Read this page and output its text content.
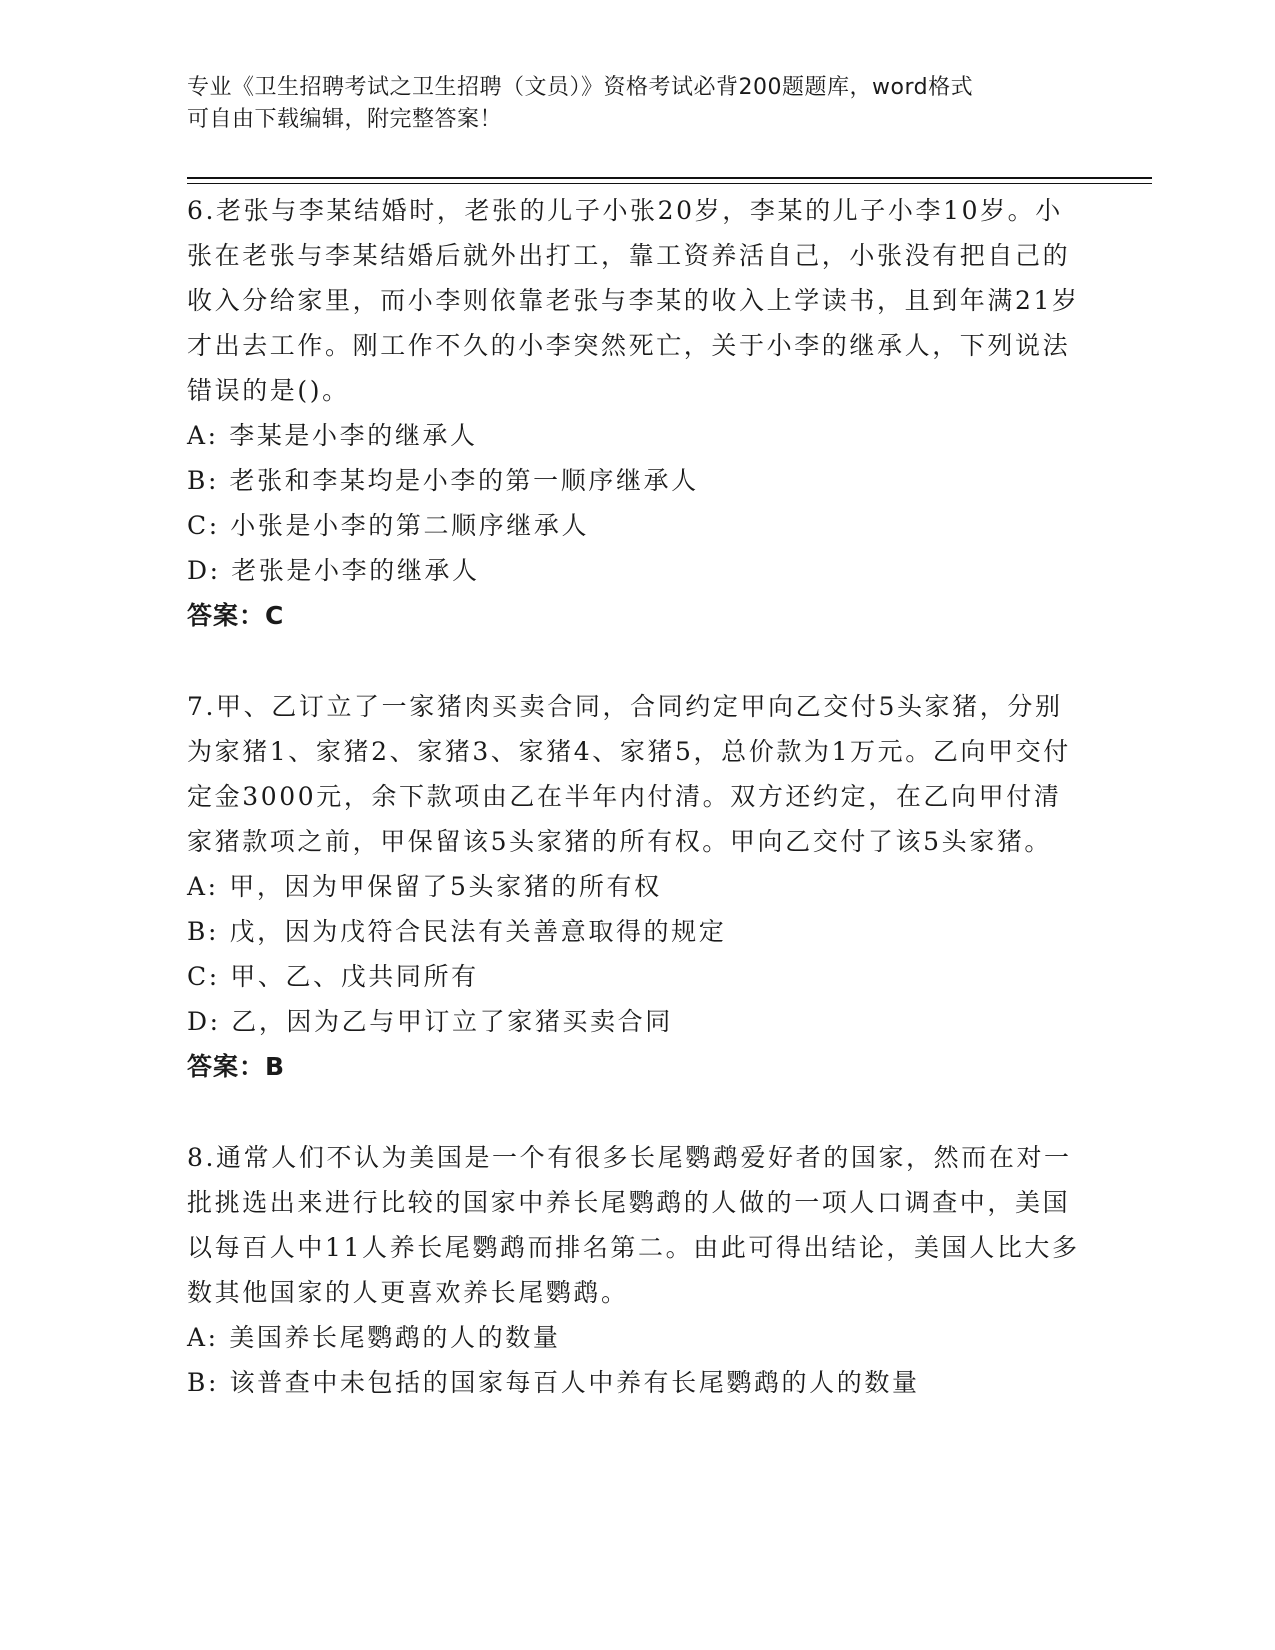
专业《卫生招聘考试之卫生招聘（文员）》资格考试必背200题题库，word格式
可自由下载编辑，附完整答案！

6.老张与李某结婚时，老张的儿子小张20岁，李某的儿子小李10岁。小张在老张与李某结婚后就外出打工，靠工资养活自己，小张没有把自己的收入分给家里，而小李则依靠老张与李某的收入上学读书，且到年满21岁才出去工作。刚工作不久的小李突然死亡，关于小李的继承人，下列说法错误的是()。

A: 李某是小李的继承人

B: 老张和李某均是小李的第一顺序继承人

C: 小张是小李的第二顺序继承人

D: 老张是小李的继承人

答案：C

7.甲、乙订立了一家猪肉买卖合同，合同约定甲向乙交付5头家猪，分别为家猪1、家猪2、家猪3、家猪4、家猪5，总价款为1万元。乙向甲交付定金3000元，余下款项由乙在半年内付清。双方还约定，在乙向甲付清家猪款项之前，甲保留该5头家猪的所有权。甲向乙交付了该5头家猪。

A: 甲，因为甲保留了5头家猪的所有权

B: 戊，因为戊符合民法有关善意取得的规定

C: 甲、乙、戊共同所有

D: 乙，因为乙与甲订立了家猪买卖合同

答案：B

8.通常人们不认为美国是一个有很多长尾鹦鹉爱好者的国家，然而在对一批挑选出来进行比较的国家中养长尾鹦鹉的人做的一项人口调查中，美国以每百人中11人养长尾鹦鹉而排名第二。由此可得出结论，美国人比大多数其他国家的人更喜欢养长尾鹦鹉。

A: 美国养长尾鹦鹉的人的数量

B: 该普查中未包括的国家每百人中养有长尾鹦鹉的人的数量
